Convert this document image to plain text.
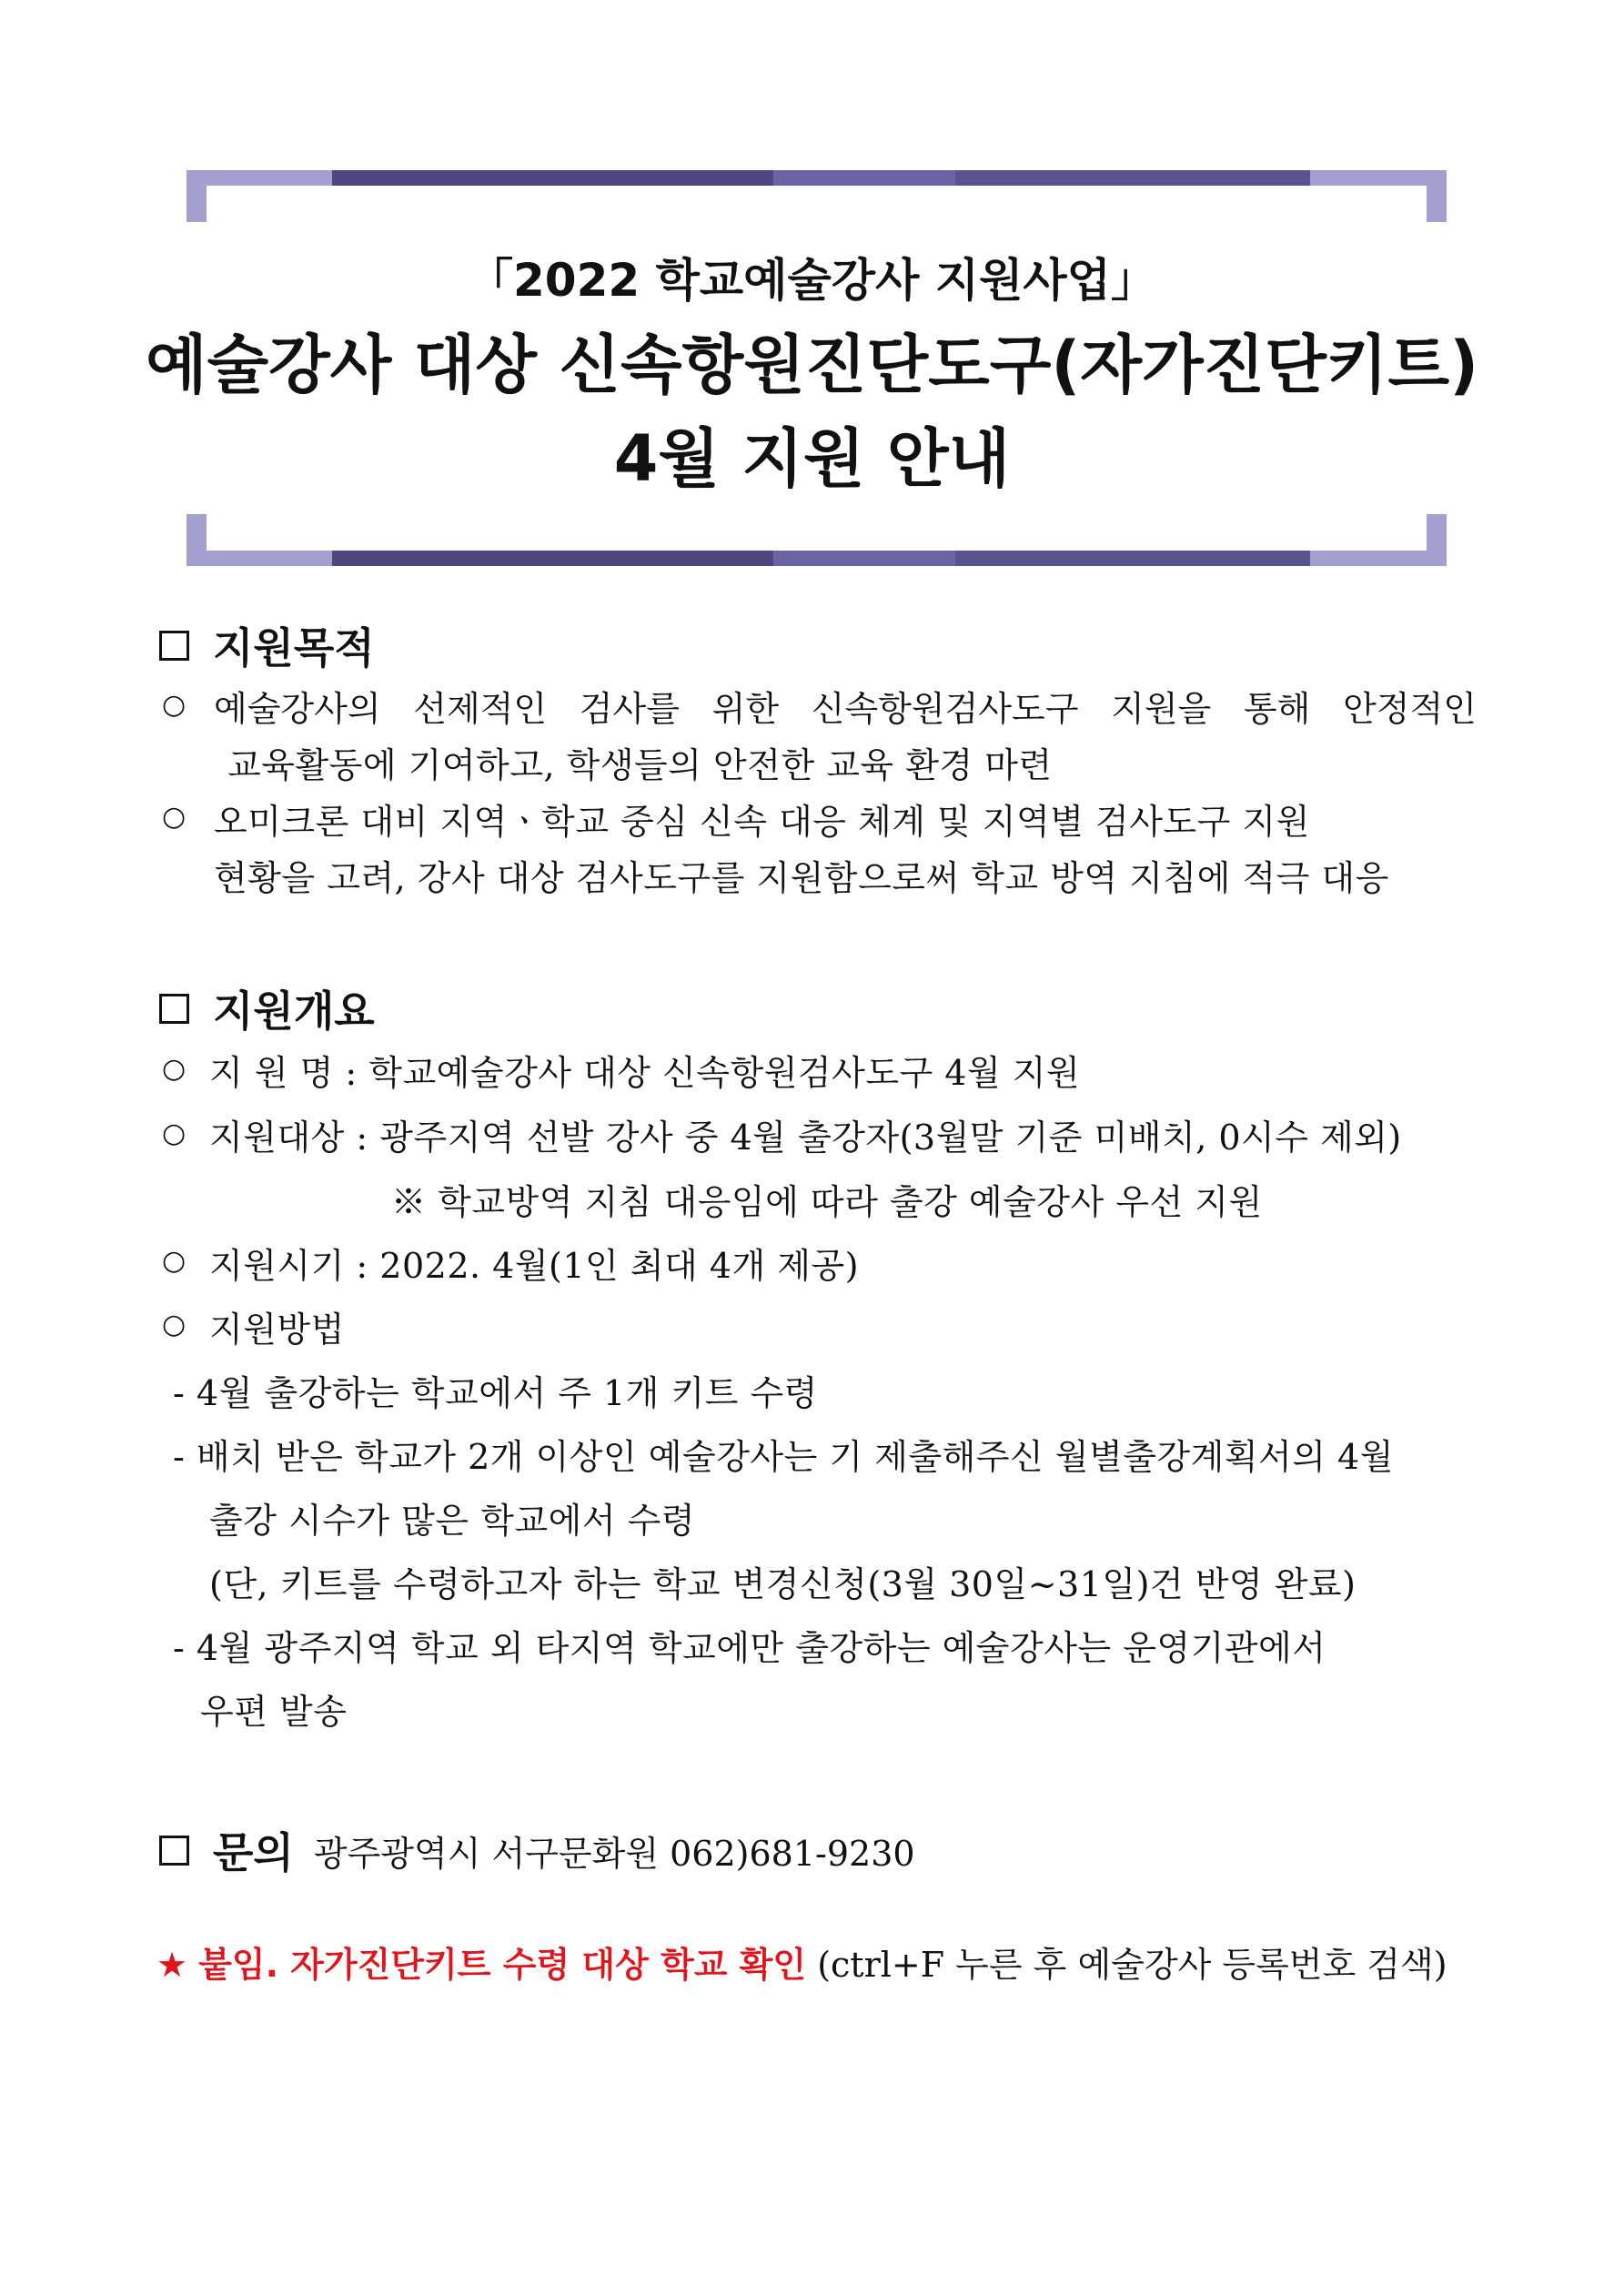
「2022 학교예술강사 지원사업」
예술강사 대상 신속항원진단도구(자가진단키트)
4월 지원 안내
지원목적
○ 예술강사의 선제적인 검사를 위한 신속항원검사도구 지원을 통해 안정적인
교육활동에 기여하고, 학생들의 안전한 교육 환경 마련
○ 오미크론 대비 지역ㆍ학교 중심 신속 대응 체계 및 지역별 검사도구 지원
현황을 고려, 강사 대상 검사도구를 지원함으로써 학교 방역 지침에 적극 대응
지원개요
○ 지 원 명 : 학교예술강사 대상 신속항원검사도구 4월 지원
○ 지원대상 : 광주지역 선발 강사 중 4월 출강자(3월말 기준 미배치, 0시수 제외)
※ 학교방역 지침 대응임에 따라 출강 예술강사 우선 지원
○ 지원시기 : 2022. 4월(1인 최대 4개 제공)
○ 지원방법
- 4월 출강하는 학교에서 주 1개 키트 수령
- 배치 받은 학교가 2개 이상인 예술강사는 기 제출해주신 월별출강계획서의 4월
출강 시수가 많은 학교에서 수령
(단, 키트를 수령하고자 하는 학교 변경신청(3월 30일~31일)건 반영 완료)
- 4월 광주지역 학교 외 타지역 학교에만 출강하는 예술강사는 운영기관에서
우편 발송
문의 광주광역시 서구문화원 062)681-9230
★ 붙임. 자가진단키트 수령 대상 학교 확인 (ctrl+F 누른 후 예술강사 등록번호 검색)
